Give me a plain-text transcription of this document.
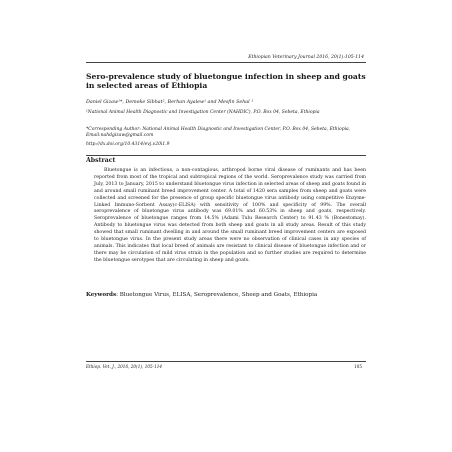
Ethiopian Veterinary Journal 2016, 20(1):105-114
Sero-prevalence study of bluetongue infection in sheep and goats in selected areas of Ethiopia
Daniel Gizaw¹*, Demeke Sibhat², Berhan Ayalew¹ and Mesfin Sehal ¹
¹National Animal Health Diagnostic and Investigation Center (NAHDIC), P.O. Box 04, Sebeta, Ethiopia
*Corresponding Author: National Animal Health Diagnostic and Investigation Center, P.O. Box 04, Sebeta, Ethiopia, Email:nahdgizaw@gmail.com
http://dx.doi.org/10.4314/evj.v20i1.9
Abstract
Bluetongue is an infectious, a non-contagious, arthropod borne viral disease of ruminants and has been reported from most of the tropical and subtropical regions of the world. Seroprevalence study was carried from July, 2013 to January, 2015 to understand bluetongue virus infection in selected areas of sheep and goats found in and around small ruminant breed improvement center. A total of 1420 sera samples from sheep and goats were collected and screened for the presence of group specific bluetongue virus antibody using competitive Enzyme-Linked Immuno-Sorbent Assay(c-ELISA) with sensitivity of 100% and specificity of 99%. The overall seroprevalence of bluetongue virus antibody was 69.01% and 60.53% in sheep and goats, respectively. Seroprevalence of bluetongue ranges from 14.5% (Adami Tulu Research Center) to 91.43 % (Bonestomay). Antibody to bluetongue virus was detected from both sheep and goats in all study areas. Result of this study showed that small ruminant dwelling in and around the small ruminant breed improvement centers are exposed to bluetongue virus. In the present study areas there were no observation of clinical cases in any species of animals. This indicates that local breed of animals are resistant to clinical disease of bluetongue infection and or there may be circulation of mild virus strain in the population and so further studies are required to determine the bluetongue serotypes that are circulating in sheep and goats.
Keywords: Bluetongue Virus, ELISA, Seroprevalence, Sheep and Goats, Ethiopia
Ethiop. Vet. J., 2016, 20(1), 105-114	105
